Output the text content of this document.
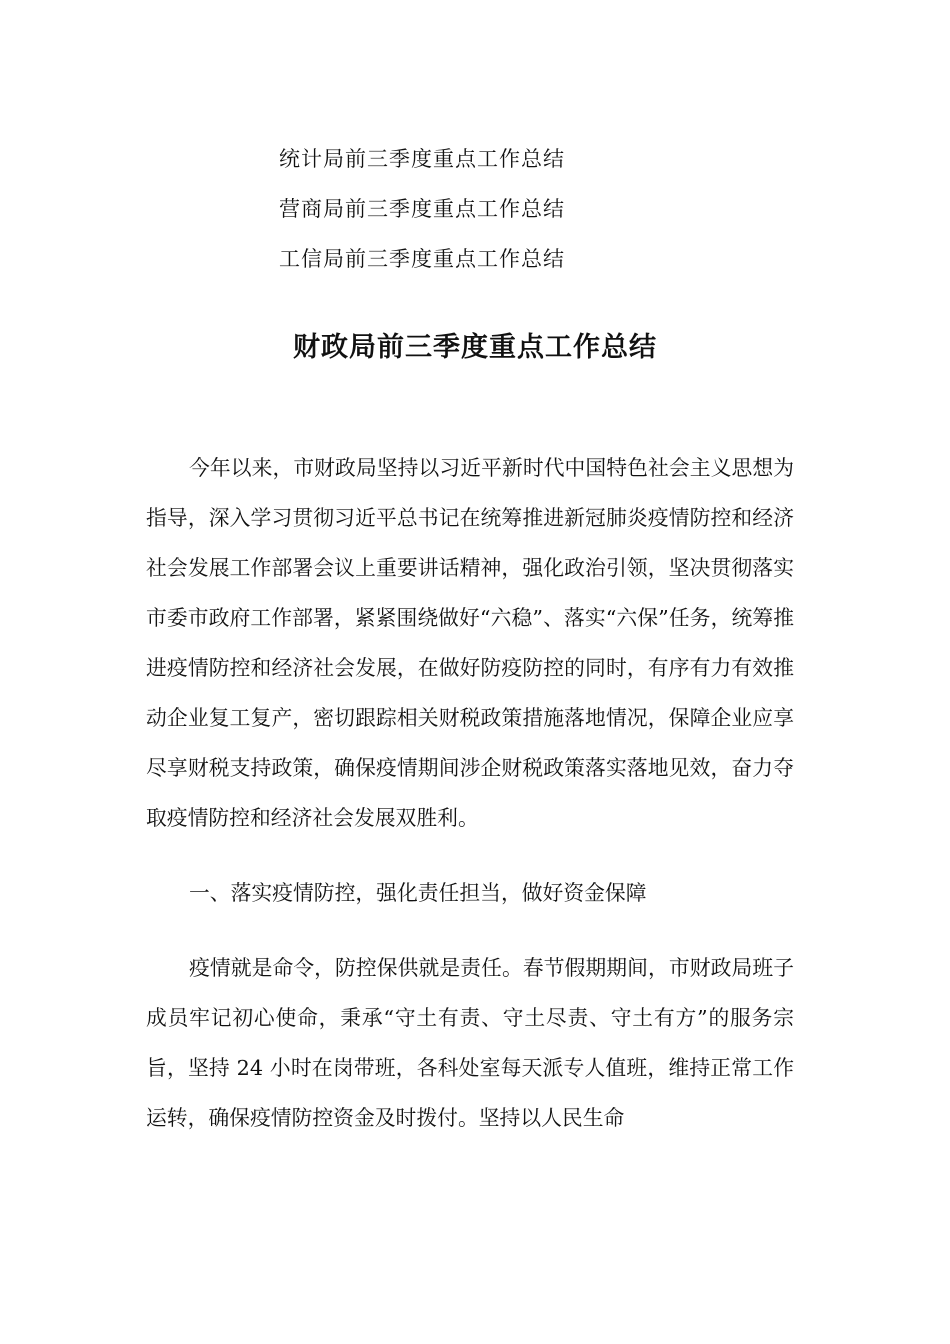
统计局前三季度重点工作总结
营商局前三季度重点工作总结
工信局前三季度重点工作总结
财政局前三季度重点工作总结

今年以来，市财政局坚持以习近平新时代中国特色社会主义思想为指导，深入学习贯彻习近平总书记在统筹推进新冠肺炎疫情防控和经济社会发展工作部署会议上重要讲话精神，强化政治引领，坚决贯彻落实市委市政府工作部署，紧紧围绕做好“六稳”、落实“六保”任务，统筹推进疫情防控和经济社会发展，在做好防疫防控的同时，有序有力有效推动企业复工复产，密切跟踪相关财税政策措施落地情况，保障企业应享尽享财税支持政策，确保疫情期间涉企财税政策落实落地见效，奋力夺取疫情防控和经济社会发展双胜利。

一、落实疫情防控，强化责任担当，做好资金保障

疫情就是命令，防控保供就是责任。春节假期期间，市财政局班子成员牢记初心使命，秉承“守土有责、守土尽责、守土有方”的服务宗旨，坚持 24 小时在岗带班，各科处室每天派专人值班，维持正常工作运转，确保疫情防控资金及时拨付。坚持以人民生命
